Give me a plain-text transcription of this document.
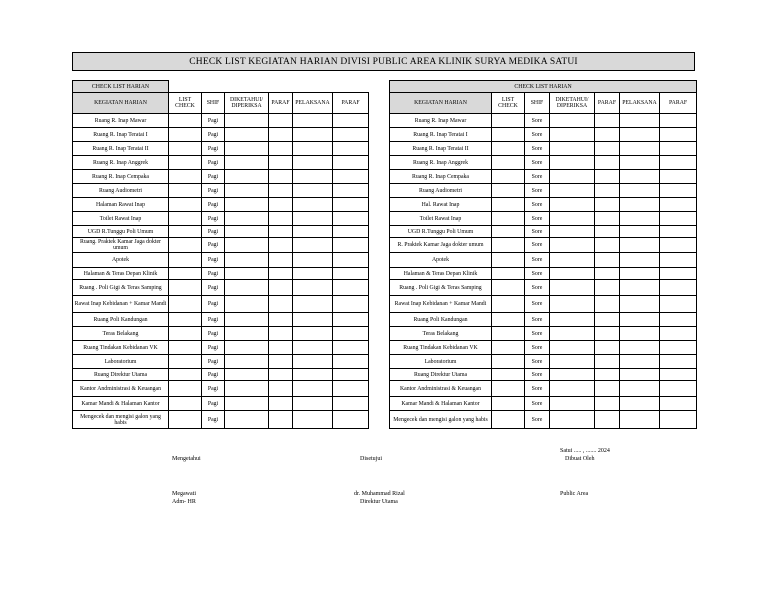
CHECK LIST KEGIATAN HARIAN DIVISI PUBLIC AREA KLINIK SURYA MEDIKA SATUI
CHECK LIST HARIAN						
KEGIATAN HARIAN	LIST CHECK	SHIF	DIKETAHUI/ DIPERIKSA	PARAF	PELAKSANA	PARAF
Ruang R. Inap Mawar		Pagi				
Ruang R. Inap Teratai I		Pagi				
Ruang R. Inap Teratai II		Pagi				
Ruang R. Inap Anggrek		Pagi				
Ruang R. Inap Cempaka		Pagi				
Ruang Audiometri		Pagi				
Halaman Rawat Inap		Pagi				
Toilet Rawat Inap		Pagi				
UGD R.Tunggu Poli Umum		Pagi				
Ruang. Praktek Kamar Jaga dokter umum		Pagi				
Apotek		Pagi				
Halaman & Teras Depan Klinik		Pagi				
Ruang . Poli Gigi & Teras Samping		Pagi				
Rawat Inap Kebidanan + Kamar Mandi		Pagi				
Ruang Poli Kandungan		Pagi				
Teras Belakang		Pagi				
Ruang Tindakan Kebidanan VK		Pagi				
Laboratorium		Pagi				
Ruang Direktur Utama		Pagi				
Kantor Andministrasi & Keuangan		Pagi				
Kamar Mandi & Halaman Kantor		Pagi				
Mengecek dan mengisi galon yang habis		Pagi				
CHECK LIST HARIAN						
KEGIATAN HARIAN	LIST CHECK	SHIF	DIKETAHUI/ DIPERIKSA	PARAF	PELAKSANA	PARAF
Ruang R. Inap Mawar		Sore				
Ruang R. Inap Teratai I		Sore				
Ruang R. Inap Teratai II		Sore				
Ruang R. Inap Anggrek		Sore				
Ruang R. Inap Cempaka		Sore				
Ruang Audiometri		Sore				
Hal. Rawat Inap		Sore				
Toilet Rawat Inap		Sore				
UGD R.Tunggu Poli Umum		Sore				
R. Praktek Kamar Jaga dokter umum		Sore				
Apotek		Sore				
Halaman & Teras Depan Klinik		Sore				
Ruang . Poli Gigi & Teras Samping		Sore				
Rawat Inap Kebidanan + Kamar Mandi		Sore				
Ruang Poli Kandungan		Sore				
Teras Belakang		Sore				
Ruang Tindakan Kebidanan VK		Sore				
Laboratorium		Sore				
Ruang Direktur Utama		Sore				
Kantor Andministrasi & Keuangan		Sore				
Kamar Mandi & Halaman Kantor		Sore				
Mengecek dan mengisi galon yang habis		Sore				
Mengetahui	Disetujui
Satui ..... , ....... 2024
Dibuat Oleh
Megawati
Adm- HR
dr. Muhammad Rizal
Direktur Utama
Public Area
